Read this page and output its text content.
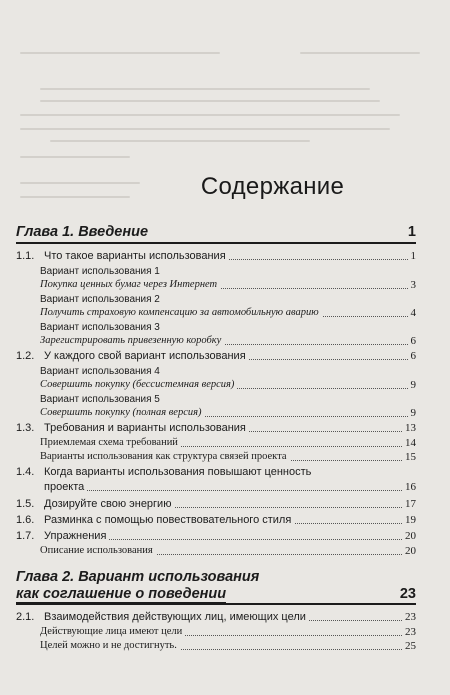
Содержание
Глава 1. Введение	1
1.1. Что такое варианты использования	1
Вариант использования 1
Покупка ценных бумаг через Интернет	3
Вариант использования 2
Получить страховую компенсацию за автомобильную аварию	4
Вариант использования 3
Зарегистрировать привезенную коробку	6
1.2. У каждого свой вариант использования	6
Вариант использования 4
Совершить покупку (бессистемная версия)	9
Вариант использования 5
Совершить покупку (полная версия)	9
1.3. Требования и варианты использования	13
Приемлемая схема требований	14
Варианты использования как структура связей проекта	15
1.4. Когда варианты использования повышают ценность
проекта	16
1.5. Дозируйте свою энергию	17
1.6. Разминка с помощью повествовательного стиля	19
1.7. Упражнения	20
Описание использования	20
Глава 2. Вариант использования
как соглашение о поведении	23
2.1. Взаимодействия действующих лиц, имеющих цели	23
Действующие лица имеют цели	23
Целей можно и не достигнуть.	25
